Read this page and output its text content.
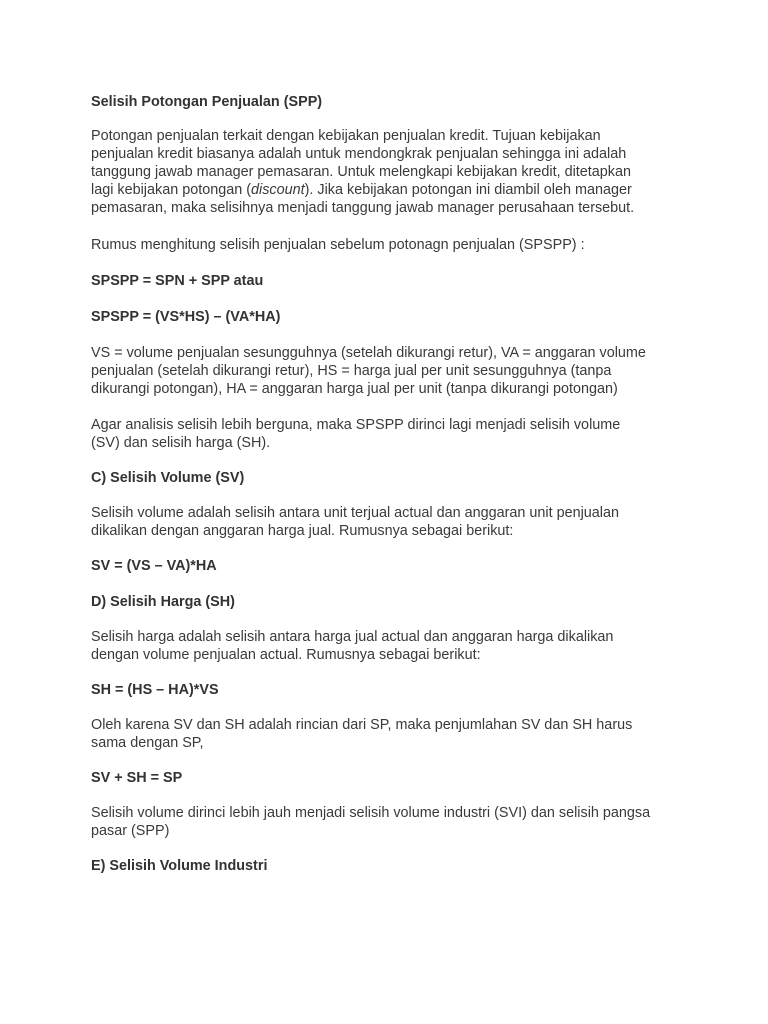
Selisih Potongan Penjualan (SPP)

Potongan penjualan terkait dengan kebijakan penjualan kredit. Tujuan kebijakan
penjualan kredit biasanya adalah untuk mendongkrak penjualan sehingga ini adalah
tanggung jawab manager pemasaran. Untuk melengkapi kebijakan kredit, ditetapkan
lagi kebijakan potongan (discount). Jika kebijakan potongan ini diambil oleh manager
pemasaran, maka selisihnya menjadi tanggung jawab manager perusahaan tersebut.

Rumus menghitung selisih penjualan sebelum potonagn penjualan (SPSPP) :

SPSPP = SPN + SPP atau

SPSPP = (VS*HS) – (VA*HA)

VS = volume penjualan sesungguhnya (setelah dikurangi retur), VA = anggaran volume
penjualan (setelah dikurangi retur), HS = harga jual per unit sesungguhnya (tanpa
dikurangi potongan), HA = anggaran harga jual per unit (tanpa dikurangi potongan)

Agar analisis selisih lebih berguna, maka SPSPP dirinci lagi menjadi selisih volume
(SV) dan selisih harga (SH).

C) Selisih Volume (SV)

Selisih volume adalah selisih antara unit terjual actual dan anggaran unit penjualan
dikalikan dengan anggaran harga jual. Rumusnya sebagai berikut:

SV = (VS – VA)*HA

D) Selisih Harga (SH)

Selisih harga adalah selisih antara harga jual actual dan anggaran harga dikalikan
dengan volume penjualan actual. Rumusnya sebagai berikut:

SH = (HS – HA)*VS

Oleh karena SV dan SH adalah rincian dari SP, maka penjumlahan SV dan SH harus
sama dengan SP,

SV + SH = SP

Selisih volume dirinci lebih jauh menjadi selisih volume industri (SVI) dan selisih pangsa
pasar (SPP)

E) Selisih Volume Industri
